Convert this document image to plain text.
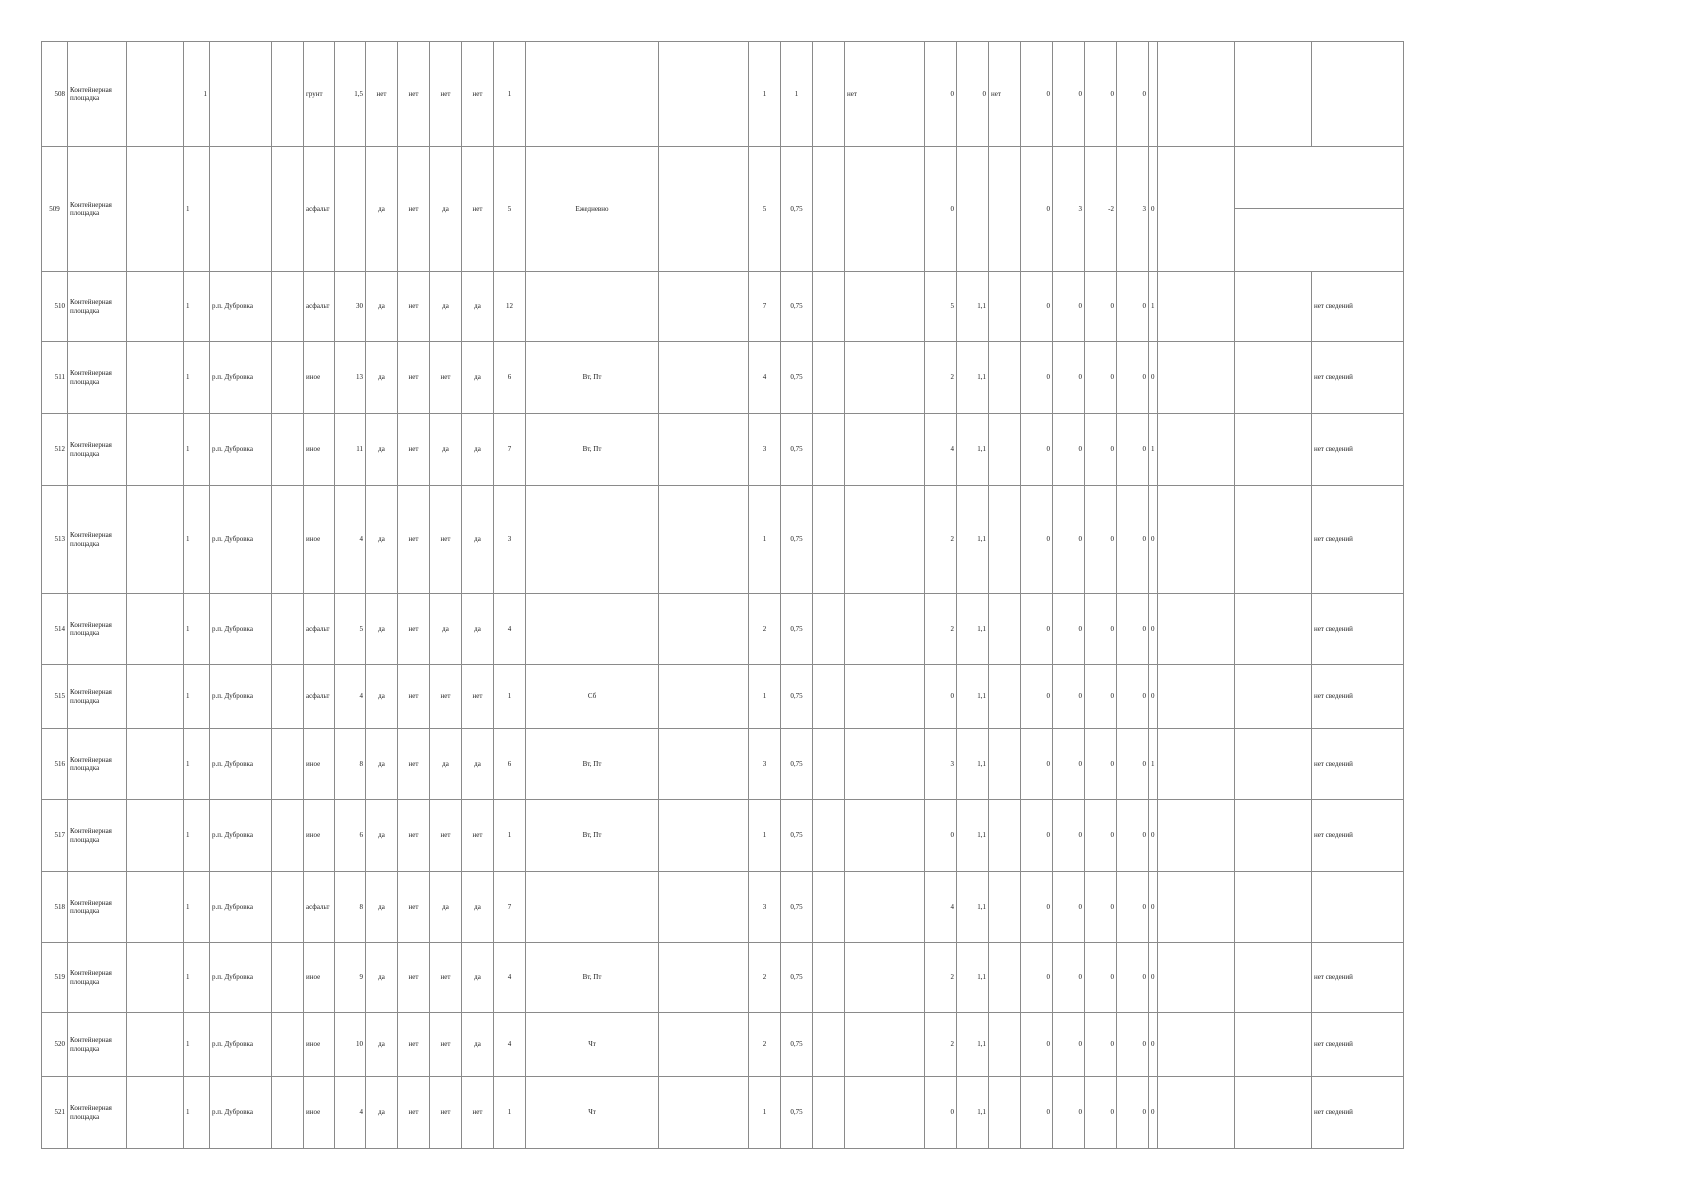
508	Контейнерная площадка		1			грунт	1,5	нет	нет	нет	нет	1			1	1		нет	0	0	нет	0	0	0	0				
509	Контейнерная площадка		1			асфальт		да	нет	да	нет	5	Ежедневно		5	0,75			0			0	3	-2	3	0		

510	Контейнерная площадка		1	р.п. Дубровка		асфальт	30	да	нет	да	да	12			7	0,75			5	1,1		0	0	0	0	1			нет сведений
511	Контейнерная площадка		1	р.п. Дубровка		иное	13	да	нет	нет	да	6	Вт, Пт		4	0,75			2	1,1		0	0	0	0	0			нет сведений
512	Контейнерная площадка		1	р.п. Дубровка		иное	11	да	нет	да	да	7	Вт, Пт		3	0,75			4	1,1		0	0	0	0	1			нет сведений
513	Контейнерная площадка		1	р.п. Дубровка		иное	4	да	нет	нет	да	3			1	0,75			2	1,1		0	0	0	0	0			нет сведений
514	Контейнерная площадка		1	р.п. Дубровка		асфальт	5	да	нет	да	да	4			2	0,75			2	1,1		0	0	0	0	0			нет сведений
515	Контейнерная площадка		1	р.п. Дубровка		асфальт	4	да	нет	нет	нет	1	Сб		1	0,75			0	1,1		0	0	0	0	0			нет сведений
516	Контейнерная площадка		1	р.п. Дубровка		иное	8	да	нет	да	да	6	Вт, Пт		3	0,75			3	1,1		0	0	0	0	1			нет сведений
517	Контейнерная площадка		1	р.п. Дубровка		иное	6	да	нет	нет	нет	1	Вт, Пт		1	0,75			0	1,1		0	0	0	0	0			нет сведений
518	Контейнерная площадка		1	р.п. Дубровка		асфальт	8	да	нет	да	да	7			3	0,75			4	1,1		0	0	0	0	0			
519	Контейнерная площадка		1	р.п. Дубровка		иное	9	да	нет	нет	да	4	Вт, Пт		2	0,75			2	1,1		0	0	0	0	0			нет сведений
520	Контейнерная площадка		1	р.п. Дубровка		иное	10	да	нет	нет	да	4	Чт		2	0,75			2	1,1		0	0	0	0	0			нет сведений
521	Контейнерная площадка		1	р.п. Дубровка		иное	4	да	нет	нет	нет	1	Чт		1	0,75			0	1,1		0	0	0	0	0			нет сведений
